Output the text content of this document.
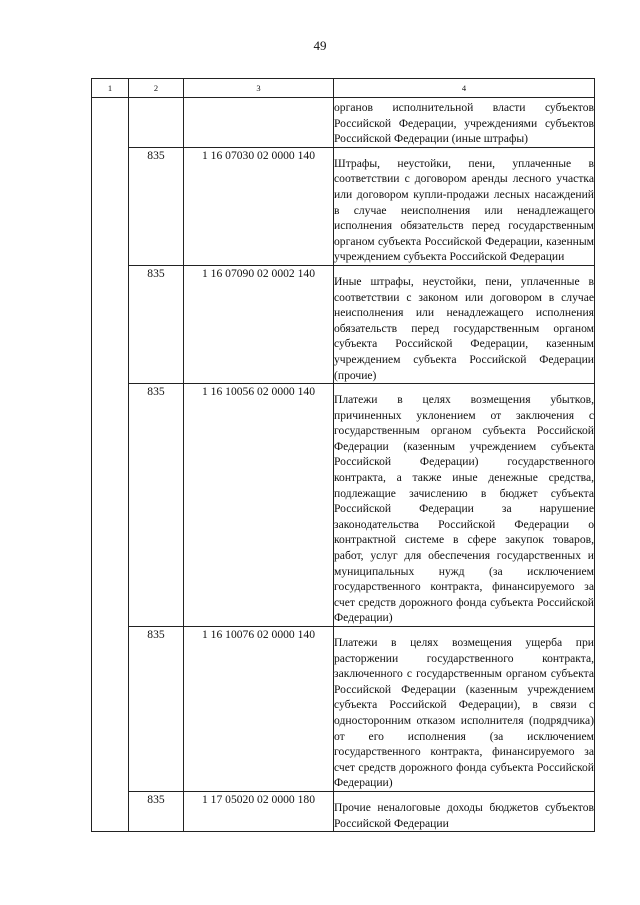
49
1	2	3	4
			органов исполнительной власти субъектов Российской Федерации, учреждениями субъектов Российской Федерации (иные штрафы)
	835	1 16 07030 02 0000 140	Штрафы, неустойки, пени, уплаченные в соответствии с договором аренды лесного участка или договором купли-продажи лесных насаждений в случае неисполнения или ненадлежащего исполнения обязательств перед государственным органом субъекта Российской Федерации, казенным учреждением субъекта Российской Федерации
	835	1 16 07090 02 0002 140	Иные штрафы, неустойки, пени, уплаченные в соответствии с законом или договором в случае неисполнения или ненадлежащего исполнения обязательств перед государственным органом субъекта Российской Федерации, казенным учреждением субъекта Российской Федерации (прочие)
	835	1 16 10056 02 0000 140	Платежи в целях возмещения убытков, причиненных уклонением от заключения с государственным органом субъекта Российской Федерации (казенным учреждением субъекта Российской Федерации) государственного контракта, а также иные денежные средства, подлежащие зачислению в бюджет субъекта Российской Федерации за нарушение законодательства Российской Федерации о контрактной системе в сфере закупок товаров, работ, услуг для обеспечения государственных и муниципальных нужд (за исключением государственного контракта, финансируемого за счет средств дорожного фонда субъекта Российской Федерации)
	835	1 16 10076 02 0000 140	Платежи в целях возмещения ущерба при расторжении государственного контракта, заключенного с государственным органом субъекта Российской Федерации (казенным учреждением субъекта Российской Федерации), в связи с односторонним отказом исполнителя (подрядчика) от его исполнения (за исключением государственного контракта, финансируемого за счет средств дорожного фонда субъекта Российской Федерации)
	835	1 17 05020 02 0000 180	Прочие неналоговые доходы бюджетов субъектов Российской Федерации
